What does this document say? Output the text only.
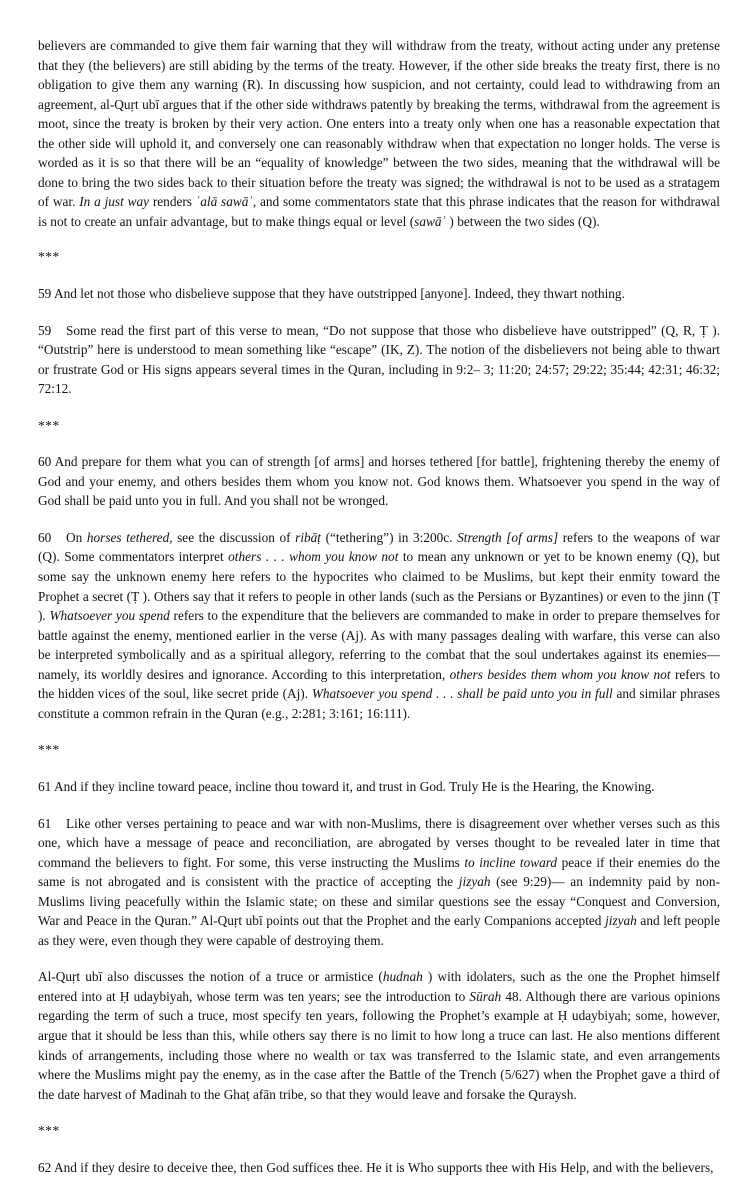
believers are commanded to give them fair warning that they will withdraw from the treaty, without acting under any pretense that they (the believers) are still abiding by the terms of the treaty. However, if the other side breaks the treaty first, there is no obligation to give them any warning (R). In discussing how suspicion, and not certainty, could lead to withdrawing from an agreement, al-Quṛt ubī argues that if the other side withdraws patently by breaking the terms, withdrawal from the agreement is moot, since the treaty is broken by their very action. One enters into a treaty only when one has a reasonable expectation that the other side will uphold it, and conversely one can reasonably withdraw when that expectation no longer holds. The verse is worded as it is so that there will be an “equality of knowledge” between the two sides, meaning that the withdrawal will be done to bring the two sides back to their situation before the treaty was signed; the withdrawal is not to be used as a stratagem of war. In a just way renders ʿalā sawāʾ, and some commentators state that this phrase indicates that the reason for withdrawal is not to create an unfair advantage, but to make things equal or level (sawāʾ ) between the two sides (Q).

***

59 And let not those who disbelieve suppose that they have outstripped [anyone]. Indeed, they thwart nothing.

59 Some read the first part of this verse to mean, “Do not suppose that those who disbelieve have outstripped” (Q, R, Ṭ ). “Outstrip” here is understood to mean something like “escape” (IK, Z). The notion of the disbelievers not being able to thwart or frustrate God or His signs appears several times in the Quran, including in 9:2– 3; 11:20; 24:57; 29:22; 35:44; 42:31; 46:32; 72:12.

***

60 And prepare for them what you can of strength [of arms] and horses tethered [for battle], frightening thereby the enemy of God and your enemy, and others besides them whom you know not. God knows them. Whatsoever you spend in the way of God shall be paid unto you in full. And you shall not be wronged.

60 On horses tethered, see the discussion of ribāṭ (“tethering”) in 3:200c. Strength [of arms] refers to the weapons of war (Q). Some commentators interpret others . . . whom you know not to mean any unknown or yet to be known enemy (Q), but some say the unknown enemy here refers to the hypocrites who claimed to be Muslims, but kept their enmity toward the Prophet a secret (Ṭ ). Others say that it refers to people in other lands (such as the Persians or Byzantines) or even to the jinn (Ṭ ). Whatsoever you spend refers to the expenditure that the believers are commanded to make in order to prepare themselves for battle against the enemy, mentioned earlier in the verse (Aj). As with many passages dealing with warfare, this verse can also be interpreted symbolically and as a spiritual allegory, referring to the combat that the soul undertakes against its enemies— namely, its worldly desires and ignorance. According to this interpretation, others besides them whom you know not refers to the hidden vices of the soul, like secret pride (Aj). Whatsoever you spend . . . shall be paid unto you in full and similar phrases constitute a common refrain in the Quran (e.g., 2:281; 3:161; 16:111).

***

61 And if they incline toward peace, incline thou toward it, and trust in God. Truly He is the Hearing, the Knowing.

61 Like other verses pertaining to peace and war with non-Muslims, there is disagreement over whether verses such as this one, which have a message of peace and reconciliation, are abrogated by verses thought to be revealed later in time that command the believers to fight. For some, this verse instructing the Muslims to incline toward peace if their enemies do the same is not abrogated and is consistent with the practice of accepting the jizyah (see 9:29)— an indemnity paid by non-Muslims living peacefully within the Islamic state; on these and similar questions see the essay “Conquest and Conversion, War and Peace in the Quran.” Al-Quṛt ubī points out that the Prophet and the early Companions accepted jizyah and left people as they were, even though they were capable of destroying them.

Al-Quṛt ubī also discusses the notion of a truce or armistice (hudnah ) with idolaters, such as the one the Prophet himself entered into at Ḥ udaybiyah, whose term was ten years; see the introduction to Sūrah 48. Although there are various opinions regarding the term of such a truce, most specify ten years, following the Prophet’s example at Ḥ udaybiyah; some, however, argue that it should be less than this, while others say there is no limit to how long a truce can last. He also mentions different kinds of arrangements, including those where no wealth or tax was transferred to the Islamic state, and even arrangements where the Muslims might pay the enemy, as in the case after the Battle of the Trench (5/627) when the Prophet gave a third of the date harvest of Madinah to the Ghaṭ afān tribe, so that they would leave and forsake the Quraysh.

***

62 And if they desire to deceive thee, then God suffices thee. He it is Who supports thee with His Help, and with the believers,
